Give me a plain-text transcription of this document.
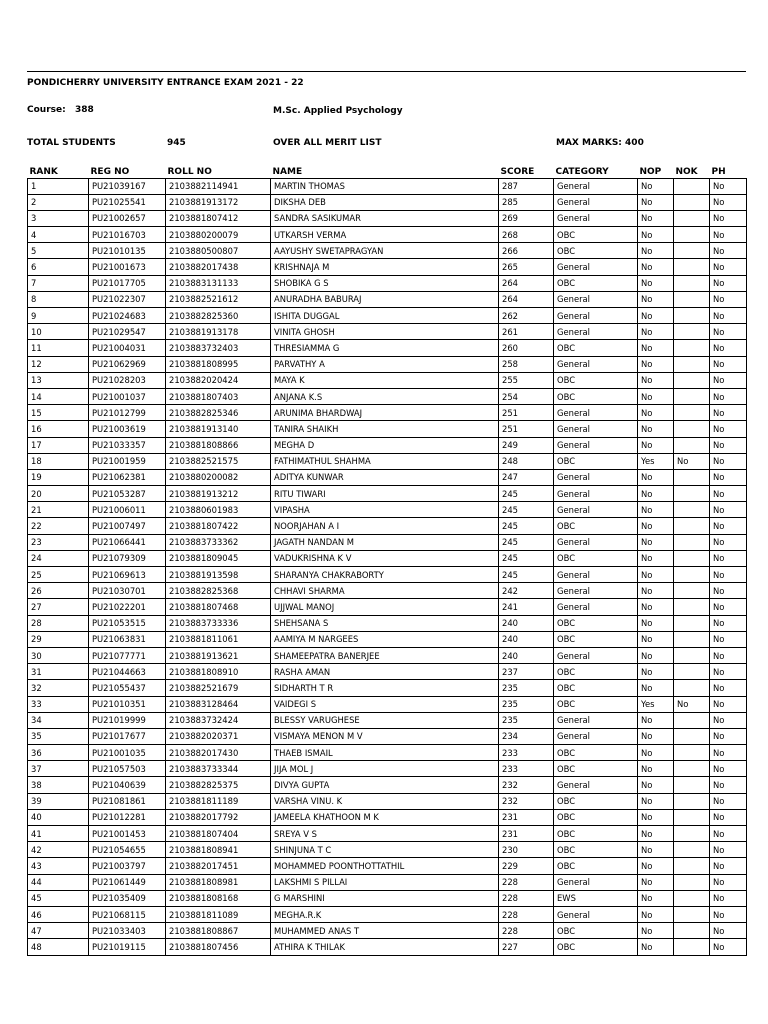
PONDICHERRY UNIVERSITY ENTRANCE EXAM 2021 - 22
Course: 388	M.Sc. Applied Psychology
TOTAL STUDENTS	945	OVER ALL MERIT LIST	MAX MARKS: 400
RANK	REG NO	ROLL NO	NAME	SCORE	CATEGORY	NOP	NOK	PH
1	PU21039167	2103882114941	MARTIN THOMAS	287	General	No		No
2	PU21025541	2103881913172	DIKSHA DEB	285	General	No		No
3	PU21002657	2103881807412	SANDRA SASIKUMAR	269	General	No		No
4	PU21016703	2103880200079	UTKARSH VERMA	268	OBC	No		No
5	PU21010135	2103880500807	AAYUSHY SWETAPRAGYAN	266	OBC	No		No
6	PU21001673	2103882017438	KRISHNAJA M	265	General	No		No
7	PU21017705	2103883131133	SHOBIKA G S	264	OBC	No		No
8	PU21022307	2103882521612	ANURADHA BABURAJ	264	General	No		No
9	PU21024683	2103882825360	ISHITA DUGGAL	262	General	No		No
10	PU21029547	2103881913178	VINITA GHOSH	261	General	No		No
11	PU21004031	2103883732403	THRESIAMMA G	260	OBC	No		No
12	PU21062969	2103881808995	PARVATHY A	258	General	No		No
13	PU21028203	2103882020424	MAYA K	255	OBC	No		No
14	PU21001037	2103881807403	ANJANA K.S	254	OBC	No		No
15	PU21012799	2103882825346	ARUNIMA BHARDWAJ	251	General	No		No
16	PU21003619	2103881913140	TANIRA SHAIKH	251	General	No		No
17	PU21033357	2103881808866	MEGHA D	249	General	No		No
18	PU21001959	2103882521575	FATHIMATHUL SHAHMA	248	OBC	Yes	No	No
19	PU21062381	2103880200082	ADITYA KUNWAR	247	General	No		No
20	PU21053287	2103881913212	RITU TIWARI	245	General	No		No
21	PU21006011	2103880601983	VIPASHA	245	General	No		No
22	PU21007497	2103881807422	NOORJAHAN A I	245	OBC	No		No
23	PU21066441	2103883733362	JAGATH NANDAN M	245	General	No		No
24	PU21079309	2103881809045	VADUKRISHNA K V	245	OBC	No		No
25	PU21069613	2103881913598	SHARANYA CHAKRABORTY	245	General	No		No
26	PU21030701	2103882825368	CHHAVI SHARMA	242	General	No		No
27	PU21022201	2103881807468	UJJWAL MANOJ	241	General	No		No
28	PU21053515	2103883733336	SHEHSANA S	240	OBC	No		No
29	PU21063831	2103881811061	AAMIYA M NARGEES	240	OBC	No		No
30	PU21077771	2103881913621	SHAMEEPATRA BANERJEE	240	General	No		No
31	PU21044663	2103881808910	RASHA AMAN	237	OBC	No		No
32	PU21055437	2103882521679	SIDHARTH T R	235	OBC	No		No
33	PU21010351	2103883128464	VAIDEGI S	235	OBC	Yes	No	No
34	PU21019999	2103883732424	BLESSY VARUGHESE	235	General	No		No
35	PU21017677	2103882020371	VISMAYA MENON M V	234	General	No		No
36	PU21001035	2103882017430	THAEB ISMAIL	233	OBC	No		No
37	PU21057503	2103883733344	JIJA MOL J	233	OBC	No		No
38	PU21040639	2103882825375	DIVYA GUPTA	232	General	No		No
39	PU21081861	2103881811189	VARSHA VINU. K	232	OBC	No		No
40	PU21012281	2103882017792	JAMEELA KHATHOON M K	231	OBC	No		No
41	PU21001453	2103881807404	SREYA V S	231	OBC	No		No
42	PU21054655	2103881808941	SHINJUNA T C	230	OBC	No		No
43	PU21003797	2103882017451	MOHAMMED POONTHOTTATHIL	229	OBC	No		No
44	PU21061449	2103881808981	LAKSHMI S PILLAI	228	General	No		No
45	PU21035409	2103881808168	G MARSHINI	228	EWS	No		No
46	PU21068115	2103881811089	MEGHA.R.K	228	General	No		No
47	PU21033403	2103881808867	MUHAMMED ANAS T	228	OBC	No		No
48	PU21019115	2103881807456	ATHIRA K THILAK	227	OBC	No		No
